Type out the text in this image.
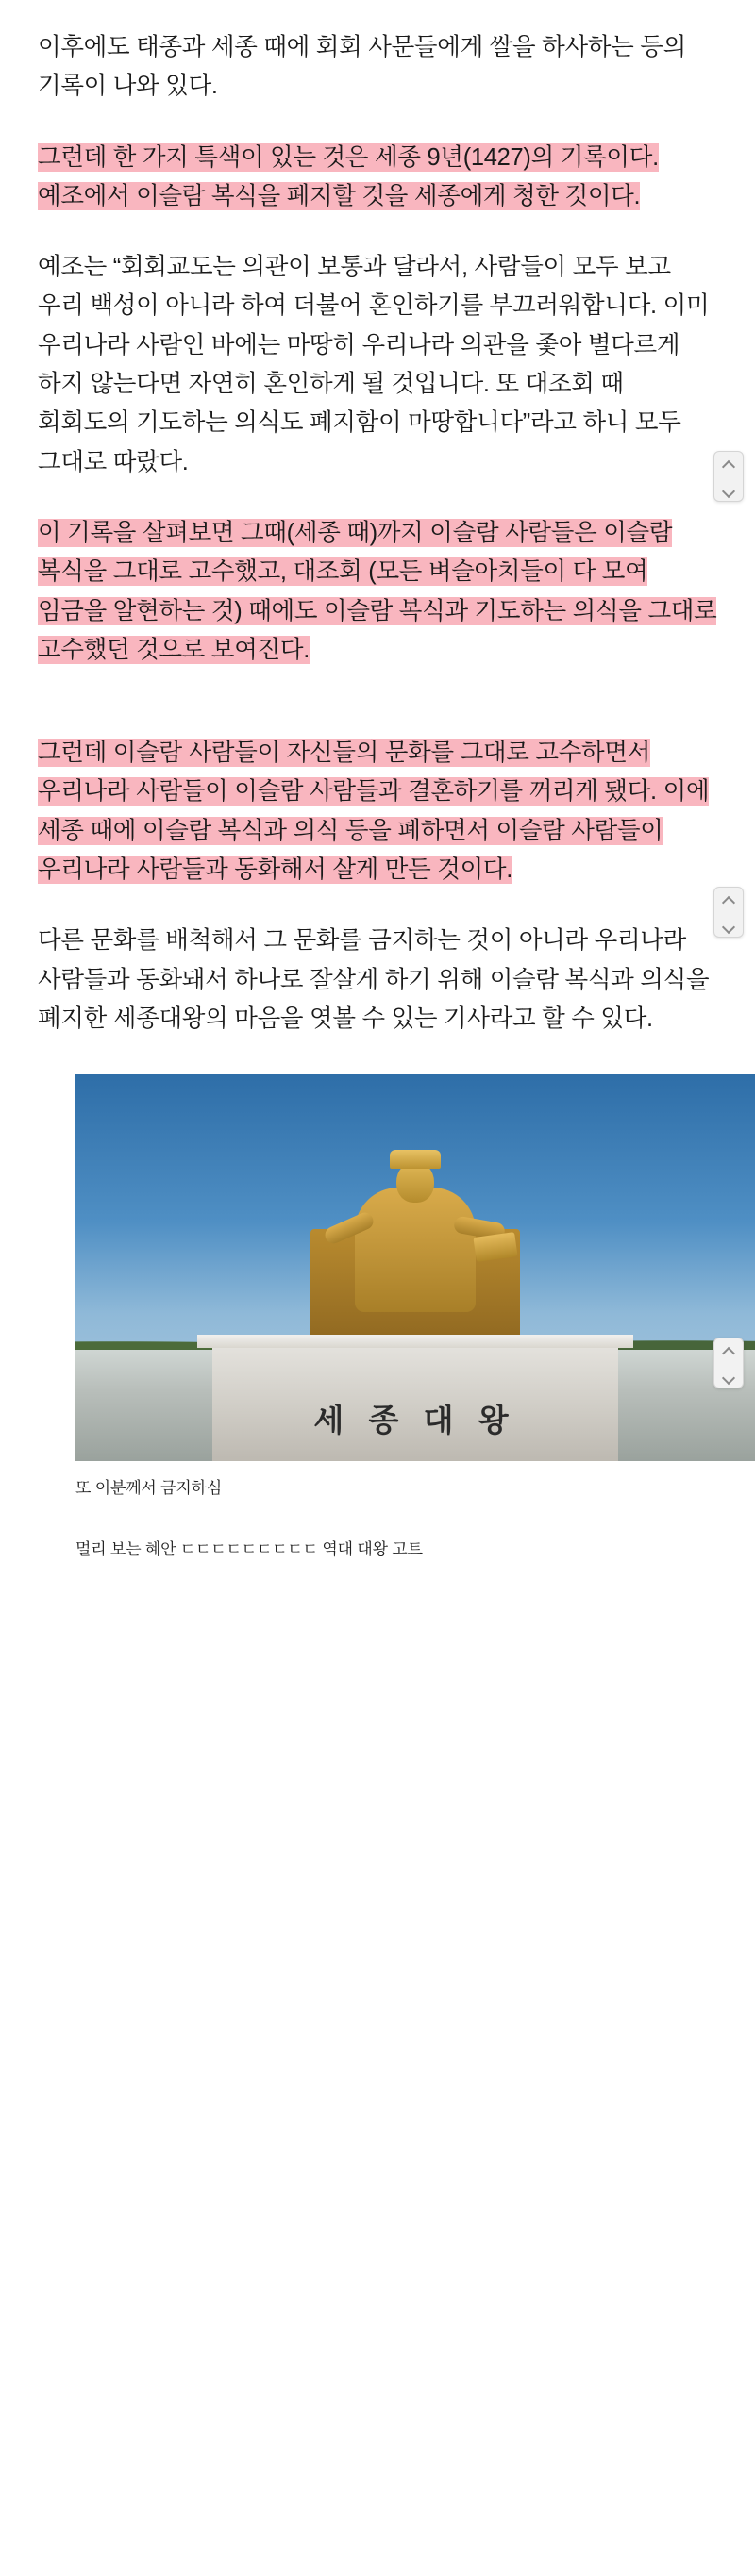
이후에도 태종과 세종 때에 회회 사문들에게 쌀을 하사하는 등의 기록이 나와 있다.

그런데 한 가지 특색이 있는 것은 세종 9년(1427)의 기록이다. 예조에서 이슬람 복식을 폐지할 것을 세종에게 청한 것이다.

예조는 “회회교도는 의관이 보통과 달라서, 사람들이 모두 보고 우리 백성이 아니라 하여 더불어 혼인하기를 부끄러워합니다. 이미 우리나라 사람인 바에는 마땅히 우리나라 의관을 좇아 별다르게 하지 않는다면 자연히 혼인하게 될 것입니다. 또 대조회 때 회회도의 기도하는 의식도 폐지함이 마땅합니다”라고 하니 모두 그대로 따랐다.

이 기록을 살펴보면 그때(세종 때)까지 이슬람 사람들은 이슬람 복식을 그대로 고수했고, 대조회 (모든 벼슬아치들이 다 모여 임금을 알현하는 것) 때에도 이슬람 복식과 기도하는 의식을 그대로 고수했던 것으로 보여진다.

그런데 이슬람 사람들이 자신들의 문화를 그대로 고수하면서 우리나라 사람들이 이슬람 사람들과 결혼하기를 꺼리게 됐다. 이에 세종 때에 이슬람 복식과 의식 등을 폐하면서 이슬람 사람들이 우리나라 사람들과 동화해서 살게 만든 것이다.

다른 문화를 배척해서 그 문화를 금지하는 것이 아니라 우리나라 사람들과 동화돼서 하나로 잘살게 하기 위해 이슬람 복식과 의식을 폐지한 세종대왕의 마음을 엿볼 수 있는 기사라고 할 수 있다.

세 종 대 왕
또 이분께서 금지하심
멀리 보는 혜안 ㄷㄷㄷㄷㄷㄷㄷㄷㄷ 역대 대왕 고트
